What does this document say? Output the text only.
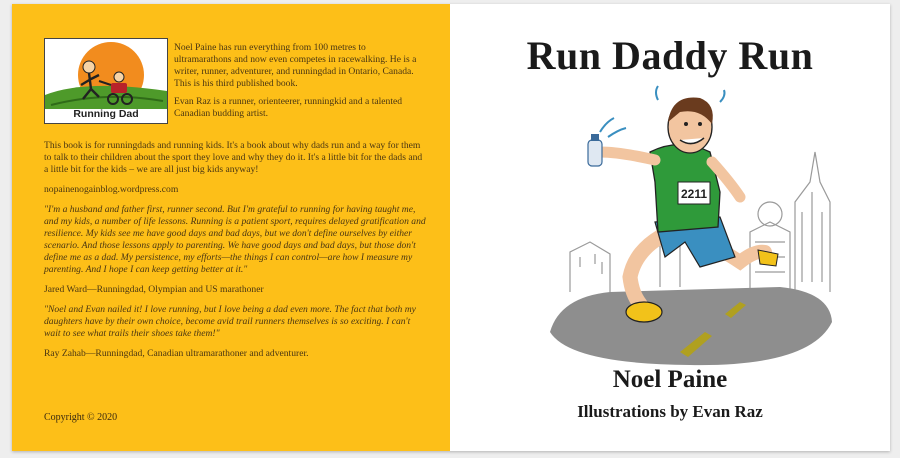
Running Dad

Noel Paine has run everything from 100 metres to ultramarathons and now even competes in racewalking. He is a writer, runner, adventurer, and runningdad in Ontario, Canada. This is his third published book.

Evan Raz is a runner, orienteerer, runningkid and a talented Canadian budding artist.

This book is for runningdads and running kids. It's a book about why dads run and a way for them to talk to their children about the sport they love and why they do it. It's a little bit for the dads and a little bit for the kids – we are all just big kids anyway!

nopainenogainblog.wordpress.com

"I'm a husband and father first, runner second. But I'm grateful to running for having taught me, and my kids, a number of life lessons. Running is a patient sport, requires delayed gratification and resilience. My kids see me have good days and bad days, but we don't define ourselves by either scenario. And those lessons apply to parenting. We have good days and bad days, but those don't define me as a dad. My persistence, my efforts—the things I can control—are how I measure my parenting. And I hope I can keep getting better at it."

Jared Ward—Runningdad, Olympian and US marathoner

"Noel and Evan nailed it! I love running, but I love being a dad even more. The fact that both my daughters have by their own choice, become avid trail runners themselves is so exciting. I can't wait to see what trails their shoes take them!"

Ray Zahab—Runningdad, Canadian ultramarathoner and adventurer.

Copyright © 2020
Run Daddy Run
2211
Noel Paine
Illustrations by Evan Raz
